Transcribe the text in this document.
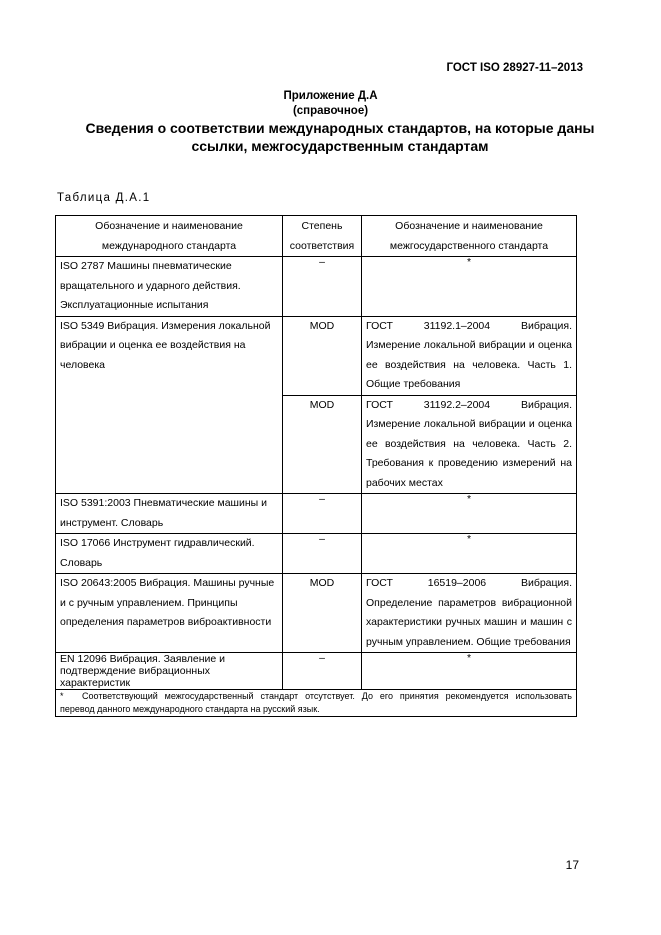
ГОСТ ISO 28927-11–2013
Приложение Д.А
(справочное)
Сведения о соответствии международных стандартов, на которые даны ссылки, межгосударственным стандартам
Таблица Д.А.1
Обозначение и наименование международного стандарта	Степень соответствия	Обозначение и наименование межгосударственного стандарта
ISO 2787 Машины пневматические вращательного и ударного действия. Эксплуатационные испытания	–	*
ISO 5349 Вибрация. Измерения локальной вибрации и оценка ее воздействия на человека	MOD	ГОСТ 31192.1–2004 Вибрация. Измерение локальной вибрации и оценка ее воздействия на человека. Часть 1. Общие требования
	MOD	ГОСТ 31192.2–2004 Вибрация. Измерение локальной вибрации и оценка ее воздействия на человека. Часть 2. Требования к проведению измерений на рабочих местах
ISO 5391:2003 Пневматические машины и инструмент. Словарь	–	*
ISO 17066 Инструмент гидравлический. Словарь	–	*
ISO 20643:2005 Вибрация. Машины ручные и с ручным управлением. Принципы определения параметров виброактивности	MOD	ГОСТ 16519–2006 Вибрация. Определение параметров вибрационной характеристики ручных машин и машин с ручным управлением. Общие требования
EN 12096 Вибрация. Заявление и подтверждение вибрационных характеристик	–	*
* Соответствующий межгосударственный стандарт отсутствует. До его принятия рекомендуется использовать перевод данного международного стандарта на русский язык.		
17
